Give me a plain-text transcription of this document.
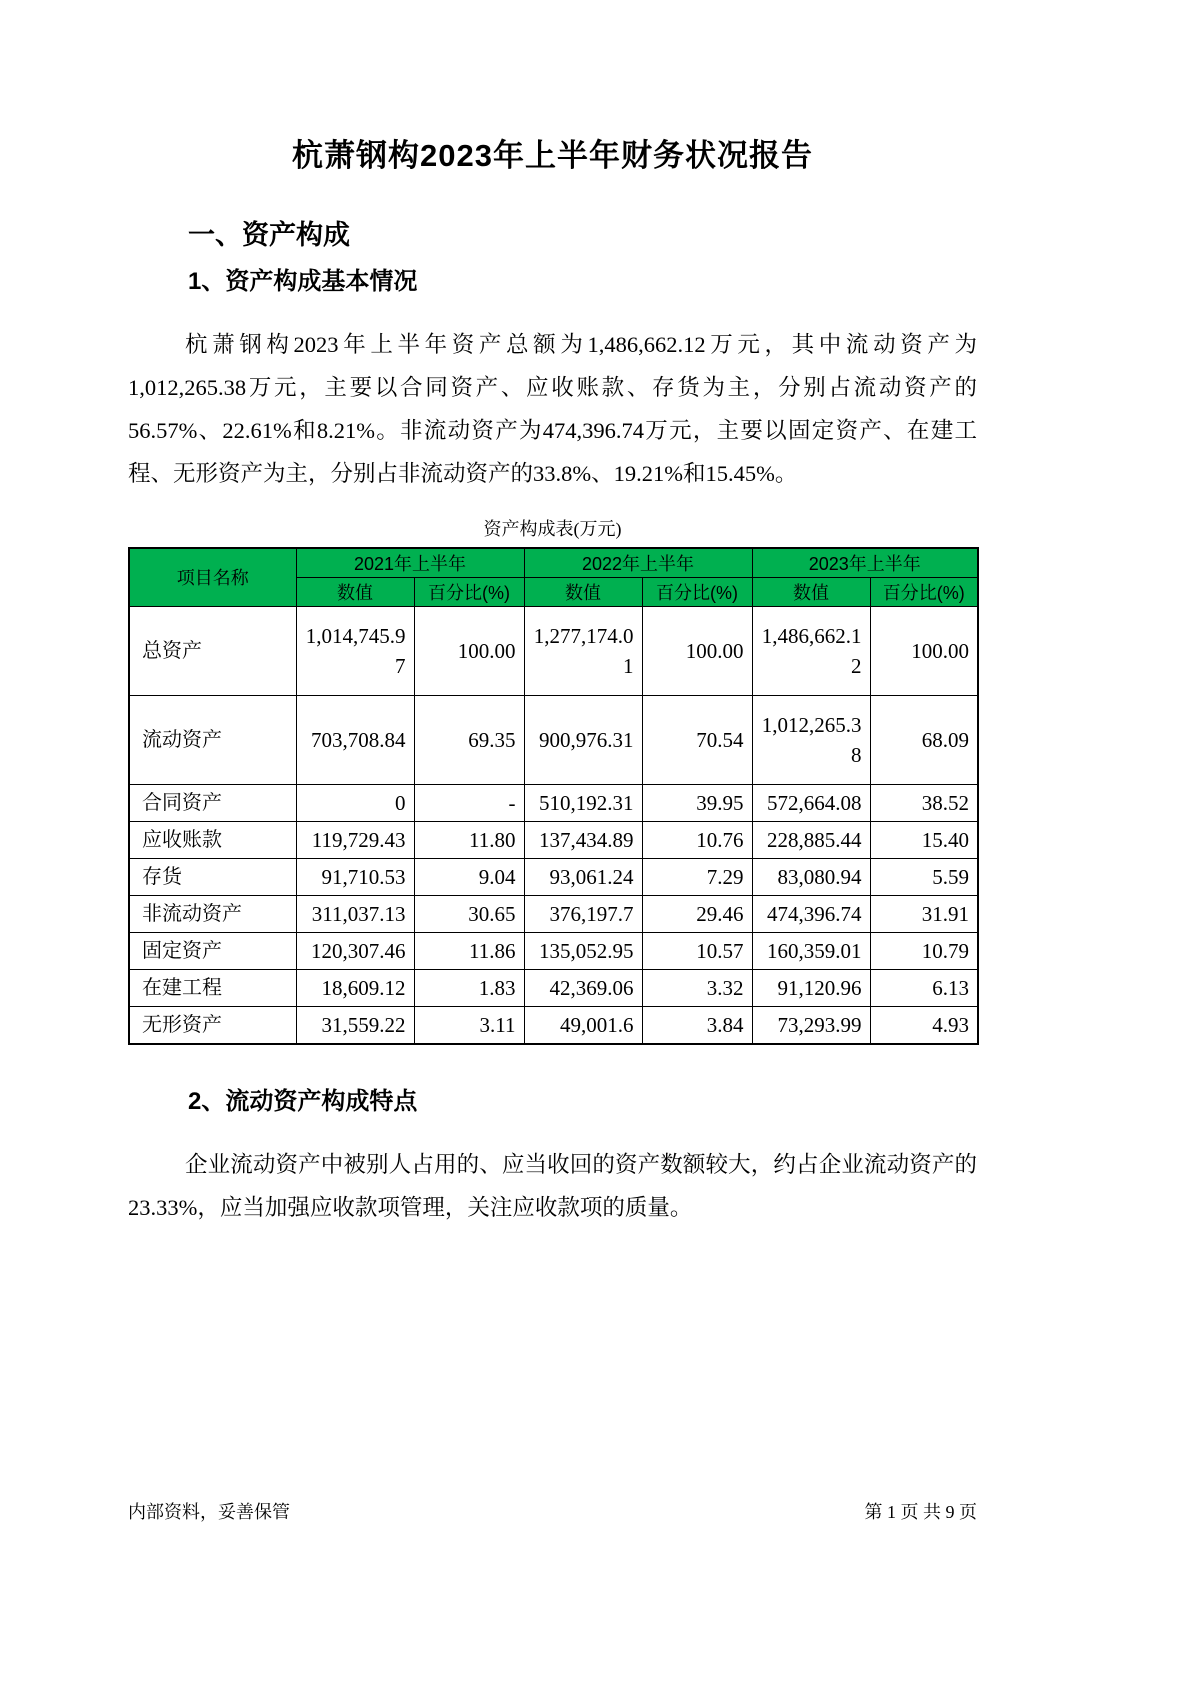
杭萧钢构2023年上半年财务状况报告
一、资产构成
1、资产构成基本情况

杭萧钢构2023年上半年资产总额为1,486,662.12万元，其中流动资产为1,012,265.38万元，主要以合同资产、应收账款、存货为主，分别占流动资产的56.57%、22.61%和8.21%。非流动资产为474,396.74万元，主要以固定资产、在建工程、无形资产为主，分别占非流动资产的33.8%、19.21%和15.45%。

资产构成表(万元)
项目名称	2021年上半年		2022年上半年		2023年上半年	
	数值	百分比(%)	数值	百分比(%)	数值	百分比(%)
总资产	1,014,745.97	100.00	1,277,174.01	100.00	1,486,662.12	100.00
流动资产	703,708.84	69.35	900,976.31	70.54	1,012,265.38	68.09
合同资产	0	-	510,192.31	39.95	572,664.08	38.52
应收账款	119,729.43	11.80	137,434.89	10.76	228,885.44	15.40
存货	91,710.53	9.04	93,061.24	7.29	83,080.94	5.59
非流动资产	311,037.13	30.65	376,197.7	29.46	474,396.74	31.91
固定资产	120,307.46	11.86	135,052.95	10.57	160,359.01	10.79
在建工程	18,609.12	1.83	42,369.06	3.32	91,120.96	6.13
无形资产	31,559.22	3.11	49,001.6	3.84	73,293.99	4.93
2、流动资产构成特点

企业流动资产中被别人占用的、应当收回的资产数额较大，约占企业流动资产的23.33%，应当加强应收款项管理，关注应收款项的质量。

内部资料，妥善保管	第 1 页 共 9 页
